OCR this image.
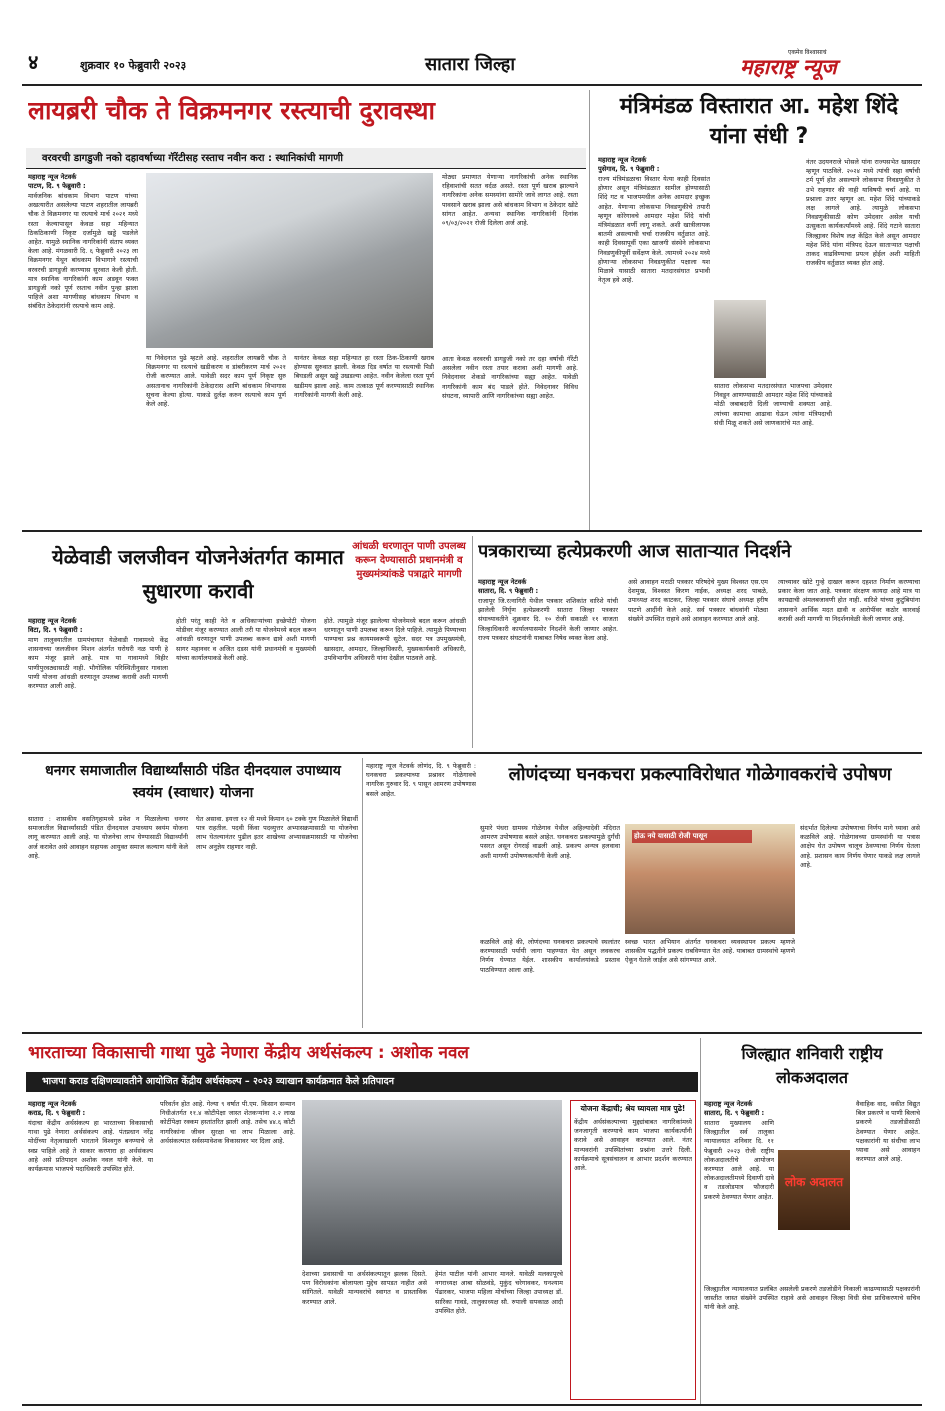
४	शुक्रवार १० फेब्रुवारी २०२३	सातारा जिल्हा
एकमेव विश्वासाचं
महाराष्ट्र न्यूज
लायब्ररी चौक ते विक्रमनगर रस्त्याची दुरावस्था
वरवरची डागडुजी नको दहावर्षाच्या गॅरेंटीसह रस्ताच नवीन करा : स्थानिकांची मागणी
महाराष्ट्र न्यूज नेटवर्क
पाटण, दि. ९ फेब्रुवारी :
मार्वजनिक बांधकाम विभाग पाटण यांच्या अखत्यारीत असलेल्या पाटण शहरातील लायब्ररी चौक ते विक्रमनगर या रस्त्याचे मार्च २०२१ मध्ये रस्ता केल्यापासून केवळ सहा महिन्यात ठिकठिकाणी निकृष्ट दर्जामुळे खड्डे पडलेले आहेत. यामुळे स्थानिक नागरिकांनी संताप व्यक्त केला आहे. मंगळवारी दि. ६ फेब्रुवारी २०२३ ला विक्रमनगर येथून बांधकाम विभागाने रस्त्याची वरवरची डागडुजी करण्यास सुरवात केली होती. मात्र स्थानिक नागरिकांनी काम अडवून फक्त डागडुजी नको पूर्ण रस्ताच नवीन पुन्हा झाला पाहिजे अशा मागणीसह बांधकाम विभाग व संबंधित ठेकेदारांनी रस्त्याचे काम आहे.
या निवेदनात पुढे म्हटले आहे. शहरातील लायब्ररी चौक ते विक्रमनगर या रस्त्याचे खडीकरण व डांबरीकरण मार्च २०२१ रोजी करण्यात आले. यावेळी सदर काम पूर्ण निकृष्ट सुरु असतानाच नागरिकांनी ठेकेदारास आणि बांधकाम विभागास सूचना केल्या होत्या. याकडे दुर्लक्ष करुन रस्त्याचे काम पूर्ण केले आहे.
यानंतर केवळ सहा महिन्यात हा रस्ता ठिक-ठिकाणी खराब होण्यास सुरुवात झाली. केवळ दिड वर्षात या रस्त्याची पिडी बिघडली असून खड्डे उखडल्या आहेत. नवीन केलेला रस्ता पूर्ण खडीमय झाला आहे. काम तत्काळ पूर्ण करण्यासाठी स्थानिक नागरिकांनी मागणी केली आहे.
मोठ्या प्रमाणात येणाऱ्या नागरिकांची अनेक स्थानिक रहिवाशांची सतत वर्दळ असते. रस्ता पूर्ण खराब झाल्याने नागरिकांना अनेक समस्यांना सामोरे जावे लागत आहे. रस्ता पावसाने खराब झाला असे बांधकाम विभाग व ठेकेदार खोटे सांगत आहेत. अन्यथा स्थानिक नागरिकांनी दिनांक ०९/०३/२०२१ रोजी दिलेला अर्ज आहे.
आता केवळ वरवरची डागडुजी नको तर दहा वर्षाची गॅरेंटी असलेला नवीन रस्ता तयार करावा अशी मागणी आहे. निवेदनावर शेकडो नागरिकांच्या सह्या आहेत. यावेळी नागरिकांनी काम बंद पाडले होते. निवेदनावर विविध संघटना, व्यापारी आणि नागरिकांच्या सह्या आहेत.
मंत्रिमंडळ विस्तारात आ. महेश शिंदे यांना संधी ?
महाराष्ट्र न्यूज नेटवर्क
पुसेगाव, दि. ९ फेब्रुवारी :
राज्य मंत्रिमंडळाचा विस्तार येत्या काही दिवसांत होणार असून मंत्रिमंडळात सामील होण्यासाठी शिंदे गट व भाजपमधील अनेक आमदार इच्छुक आहेत. येणाऱ्या लोकसभा निवडणुकीचे तयारी म्हणून कोरेगावचे आमदार महेश शिंदे यांची मंत्रिमंडळात वर्णी लागू शकते. अशी खात्रीलायक बातमी असल्याची चर्चा राजकीय वर्तुळात आहे. काही दिवसापूर्वी एका खाजगी संस्थेने लोकसभा निवडणुकीपूर्वी सर्वेक्षण केले. त्यामध्ये २०२४ मध्ये होणाऱ्या लोकसभा निवडणुकीत पक्षाला यश मिळावे यासाठी सातारा मतदारसंघात प्रभावी नेतृत्व हवे आहे.
सातारा लोकसभा मतदारसंघात भाजपचा उमेदवार निवडून आणण्यासाठी आमदार महेश शिंदे यांच्याकडे मोठी जबाबदारी दिली जाण्याची शक्यता आहे. त्यांच्या कामाचा आढावा घेऊन त्यांना मंत्रिपदाची संधी मिळू शकते असे जाणकारांचे मत आहे.
नंतर उदयनराजे भोसले यांना राज्यसभेत खासदार म्हणून पाठविले. २०२४ मध्ये त्यांची सहा वर्षाची टर्म पूर्ण होत असल्याने लोकसभा निवडणुकीत ते उभे राहणार की नाही याविषयी चर्चा आहे. या प्रश्नाला उत्तर म्हणून आ. महेश शिंदे यांच्याकडे लक्ष लागले आहे. त्यामुळे लोकसभा निवडणुकीसाठी कोण उमेदवार असेल याची उत्सुकता कार्यकर्त्यांमध्ये आहे. शिंदे गटाने सातारा जिल्ह्यावर विशेष लक्ष केंद्रित केले असून आमदार महेश शिंदे यांना मंत्रिपद देऊन साताऱ्यात पक्षाची ताकद वाढविण्याचा प्रयत्न होईल अशी माहिती राजकीय वर्तुळात व्यक्त होत आहे.
येळेवाडी जलजीवन योजनेअंतर्गत कामात सुधारणा करावी
आंधळी धरणातून पाणी उपलब्ध करून देण्यासाठी प्रधानमंत्री व मुख्यमंत्र्यांकडे पत्राद्वारे मागणी
महाराष्ट्र न्यूज नेटवर्क
विटा, दि. ९ फेब्रुवारी :
माण तालुक्यातील ग्रामपंचायत येळेवाडी गावामध्ये केंद्र शासनाच्या जलजीवन मिशन अंतर्गत घरोघरी नळ पाणी हे काम मंजूर झाले आहे. मात्र या गावामध्ये विहीर पाणीपुरवठ्यासाठी नाही. भौगोलिक परिस्थितीनुसार गावाला पाणी योजना आंधळी धरणातून उपलब्ध करावी अशी मागणी करण्यात आली आहे.
होती परंतु काही नेते व अधिकाऱ्यांच्या इच्छेपोटी योजना मोडीवर मंजूर करण्यात आली तरी या योजनेमध्ये बदल करून आंधळी धरणातून पाणी उपलब्ध करून द्यावे अशी मागणी सागर महानवर व अजित दडस यांनी प्रधानमंत्री व मुख्यमंत्री यांच्या कार्यालयाकडे केली आहे.
होते. त्यामुळे मंजूर झालेल्या योजनेमध्ये बदल करून आंधळी धरणातून पाणी उपलब्ध करून दिले पाहिजे. त्यामुळे पिण्याच्या पाण्याचा प्रश्न कायमस्वरूपी सुटेल. सदर पत्र उपमुख्यमंत्री, खासदार, आमदार, जिल्हाधिकारी, मुख्यकार्यकारी अधिकारी, उपविभागीय अधिकारी यांना देखील पाठवले आहे.
पत्रकाराच्या हत्येप्रकरणी आज साताऱ्यात निदर्शने
महाराष्ट्र न्यूज नेटवर्क
सातारा, दि. ९ फेब्रुवारी :
राजापूर जि.रत्नागिरी येथील पत्रकार शशिकांत वारिशे यांची झालेली निर्घृण हत्येप्रकरणी सातारा जिल्हा पत्रकार संघाच्यावतीने शुक्रवार दि. १० रोजी सकाळी ११ वाजता जिल्हाधिकारी कार्यालयासमोर निदर्शने केली जाणार आहेत. राज्य पत्रकार संघटनांनी याबाबत निषेध व्यक्त केला आहे.
असे आवाहन मराठी पत्रकार परिषदेचे मुख्य विश्वस्त एस.एम देशमुख, विश्वस्त किरण नाईक, अध्यक्ष शरद पाबळे, उपाध्यक्ष शरद काटकर, जिल्हा पत्रकार संघाचे अध्यक्ष हरीष पाटणे आदींनी केले आहे. सर्व पत्रकार बांधवांनी मोठ्या संख्येने उपस्थित राहावे असे आवाहन करण्यात आले आहे.
त्याच्यावर खोटे गुन्हे दाखल करून दहशत निर्माण करण्याचा प्रकार केला जात आहे. पत्रकार संरक्षण कायदा आहे मात्र या कायद्याची अंमलबजावणी होत नाही. वारिशे यांच्या कुटुंबियांना शासनाने आर्थिक मदत द्यावी व आरोपींवर कठोर कारवाई करावी अशी मागणी या निदर्शनावेळी केली जाणार आहे.
धनगर समाजातील विद्यार्थ्यांसाठी पंडित दीनदयाल उपाध्याय स्वयंम (स्वाधार) योजना
सातारा : शासकीय वसतिगृहामध्ये प्रवेश न मिळालेल्या धनगर समाजातील विद्यार्थ्यांसाठी पंडित दीनदयाल उपाध्याय स्वयंम योजना लागू करण्यात आली आहे. या योजनेचा लाभ घेण्यासाठी विद्यार्थ्यांनी अर्ज करावेत असे आवाहन सहायक आयुक्त समाज कल्याण यांनी केले आहे.
घेत असावा. इयत्ता १२ वी मध्ये किमान ६० टक्के गुण मिळालेले विद्यार्थी पात्र राहतील. पदवी किंवा पदव्युत्तर अभ्यासक्रमासाठी या योजनेचा लाभ घेतल्यानंतर पुढील इतर शाखेच्या अभ्यासक्रमासाठी या योजनेचा लाभ अनुज्ञेय राहणार नाही.
महाराष्ट्र न्यूज नेटवर्क लोणंद, दि. ९ फेब्रुवारी : घनकचरा प्रकल्पाच्या प्रश्नावर गोळेगावचे नागरिक गुरुवार दि. ९ पासून आमरण उपोषणास बसले आहेत.
लोणंदच्या घनकचरा प्रकल्पाविरोधात गोळेगावकरांचे उपोषण
सुमारे पंधरा ग्रामस्थ गोळेगाव येथील अहिल्यादेवी मंदिरात आमरण उपोषणास बसले आहेत. घनकचरा प्रकल्पामुळे दुर्गंधी पसरत असून रोगराई वाढली आहे. प्रकल्प अन्यत्र हलवावा अशी मागणी उपोषणकर्त्यांनी केली आहे.
होऊ नये यासाठी रोजी पासून
संदर्भात दिलेल्या उपोषणाचा निर्णय मागे घ्यावा असे कळविले आहे. गोळेगावच्या ग्रामस्थांनी या पत्रास आक्षेप घेत उपोषण चालूच ठेवण्याचा निर्णय घेतला आहे. प्रशासन काय निर्णय घेणार याकडे लक्ष लागले आहे.
कळविले आहे की, लोणंदच्या घनकचरा प्रकल्पाचे स्थलांतर करण्यासाठी पर्यायी जागा पाहण्यात येत असून लवकरच निर्णय घेण्यात येईल. शासकीय कार्यालयांकडे प्रस्ताव पाठविण्यात आला आहे.
स्वच्छ भारत अभियान अंतर्गत घनकचरा व्यवस्थापन प्रकल्प म्हणजे शासकीय पद्धतीने प्रकल्प राबविण्यात येत आहे. याबाबत ग्रामस्थांचे म्हणणे ऐकून घेतले जाईल असे सांगण्यात आले.
भारताच्या विकासाची गाथा पुढे नेणारा केंद्रीय अर्थसंकल्प : अशोक नवल
भाजपा कराड दक्षिणव्यावतीने आयोजित केंद्रीय अर्थसंकल्प – २०२३ व्याखान कार्यक्रमात केले प्रतिपादन
महाराष्ट्र न्यूज नेटवर्क
कराड, दि. ९ फेब्रुवारी :
यंदाचा केंद्रीय अर्थसंकल्प हा भारताच्या विकासाची गाथा पुढे नेणारा अर्थसंकल्प आहे. पंतप्रधान नरेंद्र मोदींच्या नेतृत्वाखाली भारताने विश्वगुरु बनण्याचे जे स्वप्न पाहिले आहे ते साकार करणारा हा अर्थसंकल्प आहे असे प्रतिपादन अशोक नवल यांनी केले. या कार्यक्रमास भाजपचे पदाधिकारी उपस्थित होते.
परिवर्तन होत आहे. गेल्या ९ वर्षात पी.एम. किसान सन्मान निधीअंतर्गत ११.४ कोटीपेक्षा जास्त शेतकऱ्यांना २.२ लाख कोटींपेक्षा रक्कम हस्तांतरित झाली आहे. तसेच ४४.६ कोटी नागरिकांना जीवन सुरक्षा चा लाभ मिळाला आहे. अर्थसंकल्पात सर्वसमावेशक विकासावर भर दिला आहे.
देशाच्या प्रवासाची या अर्थसंकल्पातून झलक दिसते. पण विरोधकांना बोलायला मुद्देच सापडत नाहीत असे सांगितले. यावेळी मान्यवरांचे स्वागत व प्रास्ताविक करण्यात आले.
हेमंत पाटील यांनी आभार मानले. यावेळी मलकापूरचे नगराध्यक्ष आबा सोळवंडे, मुकुंद चरेगावकर, घनश्याम पेंढारकर, भाजपा महिला मोर्चाच्या जिल्हा उपाध्यक्ष डॉ. सारिका गावडे, तालुकाध्यक्ष सौ. रुपाली सपकाळ आदी उपस्थित होते.
योजना केंद्राची; श्रेय घ्यायला मात्र पुढे!
केंद्रीय अर्थसंकल्पाच्या मुद्द्यांबाबत नागरिकांमध्ये जनजागृती करण्याचे काम भाजपा कार्यकर्त्यांनी करावे असे आवाहन करण्यात आले. नंतर मान्यवरांनी उपस्थितांच्या प्रश्नांना उत्तरे दिली. कार्यक्रमाचे सूत्रसंचालन व आभार प्रदर्शन करण्यात आले.
जिल्ह्यात शनिवारी राष्ट्रीय लोकअदालत
महाराष्ट्र न्यूज नेटवर्क
सातारा, दि. ९ फेब्रुवारी :
सातारा मुख्यालय आणि जिल्ह्यातील सर्व तालुका न्यायालयात शनिवार दि. ११ फेब्रुवारी २०२३ रोजी राष्ट्रीय लोकअदालतीचे आयोजन करण्यात आले आहे. या लोकअदालतीमध्ये दिवाणी दावे व तडजोडपात्र फौजदारी प्रकरणे ठेवण्यात येणार आहेत.
लोक अदालत
वैवाहिक वाद, थकीत विद्युत बिल प्रकरणे व पाणी बिलाचे प्रकरणे तडजोडीसाठी ठेवण्यात येणार आहेत. पक्षकारांनी या संधीचा लाभ घ्यावा असे आवाहन करण्यात आले आहे.
जिल्ह्यातील न्यायालयात प्रलंबित असलेली प्रकरणे तडजोडीने निकाली काढण्यासाठी पक्षकारांनी जास्तीत जास्त संख्येने उपस्थित राहावे असे आवाहन जिल्हा विधी सेवा प्राधिकरणाचे सचिव यांनी केले आहे.
